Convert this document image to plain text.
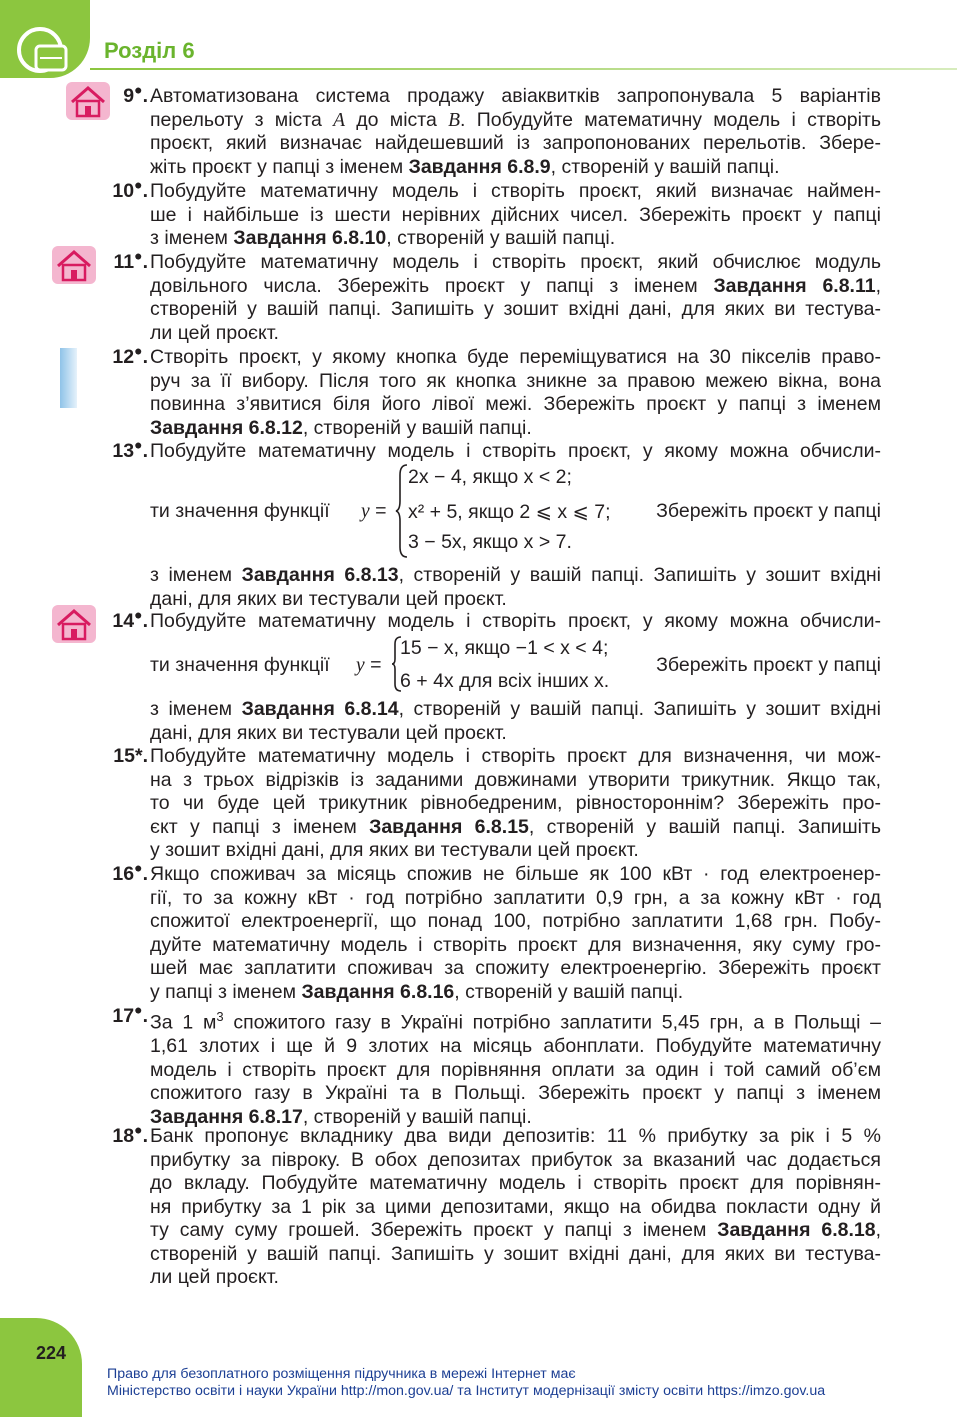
Розділ 6
9●. Автоматизована система продажу авіаквитків запропонувала 5 варіантів
перельоту з міста A до міста B. Побудуйте математичну модель і створіть
проєкт, який визначає найдешевший із запропонованих перельотів. Збере-
жіть проєкт у папці з іменем Завдання 6.8.9, створеній у вашій папці.
10●. Побудуйте математичну модель і створіть проєкт, який визначає наймен-
ше і найбільше із шести нерівних дійсних чисел. Збережіть проєкт у папці
з іменем Завдання 6.8.10, створеній у вашій папці.
11●. Побудуйте математичну модель і створіть проєкт, який обчислює модуль
довільного числа. Збережіть проєкт у папці з іменем Завдання 6.8.11,
створеній у вашій папці. Запишіть у зошит вхідні дані, для яких ви тестува-
ли цей проєкт.
12●. Створіть проєкт, у якому кнопка буде переміщуватися на 30 пікселів право-
руч за її вибору. Після того як кнопка зникне за правою межею вікна, вона
повинна з’явитися біля його лівої межі. Збережіть проєкт у папці з іменем
Завдання 6.8.12, створеній у вашій папці.
13●. Побудуйте математичну модель і створіть проєкт, у якому можна обчисли-
ти значення функції y =
2x − 4, якщо x < 2;
x² + 5, якщо 2 ⩽ x ⩽ 7;
3 − 5x, якщо x > 7.
Збережіть проєкт у папці
з іменем Завдання 6.8.13, створеній у вашій папці. Запишіть у зошит вхідні
дані, для яких ви тестували цей проєкт.
14●. Побудуйте математичну модель і створіть проєкт, у якому можна обчисли-
ти значення функції y =
15 − x, якщо −1 < x < 4;
6 + 4x для всіх інших x.
Збережіть проєкт у папці
з іменем Завдання 6.8.14, створеній у вашій папці. Запишіть у зошит вхідні
дані, для яких ви тестували цей проєкт.
15*. Побудуйте математичну модель і створіть проєкт для визначення, чи мож-
на з трьох відрізків із заданими довжинами утворити трикутник. Якщо так,
то чи буде цей трикутник рівнобедреним, рівностороннім? Збережіть про-
єкт у папці з іменем Завдання 6.8.15, створеній у вашій папці. Запишіть
у зошит вхідні дані, для яких ви тестували цей проєкт.
16●. Якщо споживач за місяць спожив не більше як 100 кВт · год електроенер-
гії, то за кожну кВт · год потрібно заплатити 0,9 грн, а за кожну кВт · год
спожитої електроенергії, що понад 100, потрібно заплатити 1,68 грн. Побу-
дуйте математичну модель і створіть проєкт для визначення, яку суму гро-
шей має заплатити споживач за спожиту електроенергію. Збережіть проєкт
у папці з іменем Завдання 6.8.16, створеній у вашій папці.
17●. За 1 $м^3$ спожитого газу в Україні потрібно заплатити 5,45 грн, а в Польщі –
1,61 злотих і ще й 9 злотих на місяць абонплати. Побудуйте математичну
модель і створіть проєкт для порівняння оплати за один і той самий об’єм
спожитого газу в Україні та в Польщі. Збережіть проєкт у папці з іменем
Завдання 6.8.17, створеній у вашій папці.
18●. Банк пропонує вкладнику два види депозитів: 11 % прибутку за рік і 5 %
прибутку за півроку. В обох депозитах прибуток за вказаний час додається
до вкладу. Побудуйте математичну модель і створіть проєкт для порівнян-
ня прибутку за 1 рік за цими депозитами, якщо на обидва покласти одну й
ту саму суму грошей. Збережіть проєкт у папці з іменем Завдання 6.8.18,
створеній у вашій папці. Запишіть у зошит вхідні дані, для яких ви тестува-
ли цей проєкт.
224
Право для безоплатного розміщення підручника в мережі Інтернет має
Міністерство освіти і науки України http://mon.gov.ua/ та Інститут модернізації змісту освіти https://imzo.gov.ua
